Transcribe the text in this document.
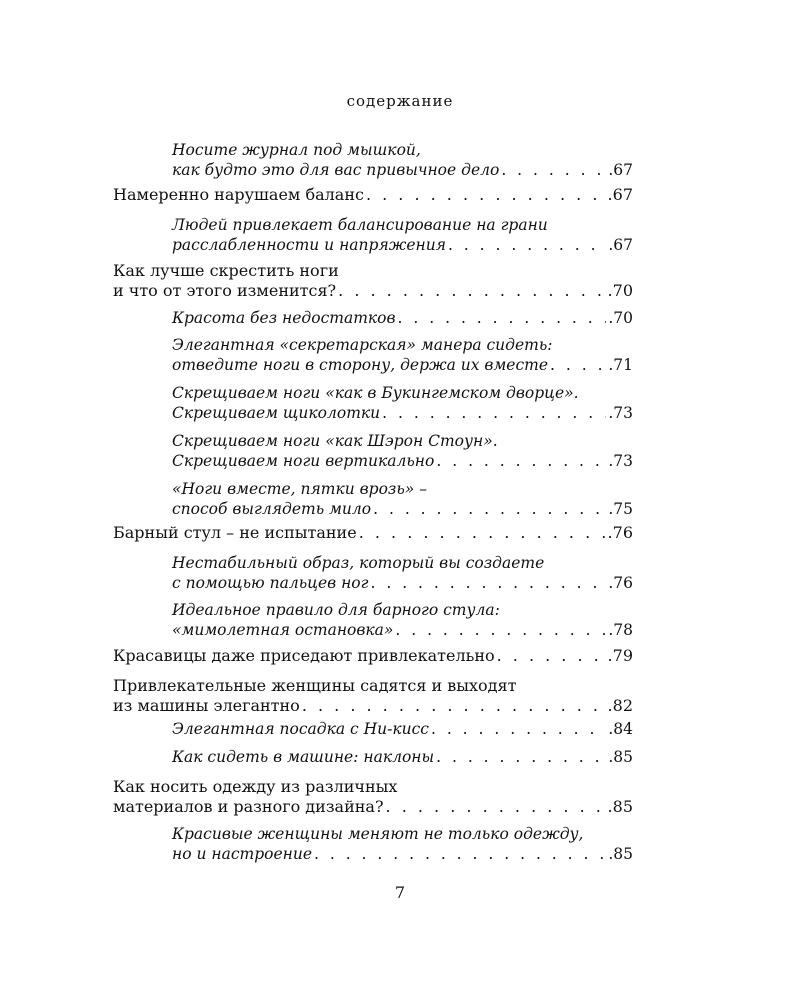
содержание
Носите журнал под мышкой,
как будто это для вас привычное дело . . .	.67
Намеренно нарушаем баланс . . .	.67
Людей привлекает балансирование на грани
расслабленности и напряжения . . .	.67
Как лучше скрестить ноги
и что от этого изменится? . . .	.70
Красота без недостатков . . .	.70
Элегантная «секретарская» манера сидеть:
отведите ноги в сторону, держа их вместе . . .	.71
Скрещиваем ноги «как в Букингемском дворце».
Скрещиваем щиколотки . . .	.73
Скрещиваем ноги «как Шэрон Стоун».
Скрещиваем ноги вертикально . . .	.73
«Ноги вместе, пятки врозь» –
способ выглядеть мило . . .	.75
Барный стул – не испытание . . .	.76
Нестабильный образ, который вы создаете
с помощью пальцев ног . . .	.76
Идеальное правило для барного стула:
«мимолетная остановка» . . .	.78
Красавицы даже приседают привлекательно . . .	.79
Привлекательные женщины садятся и выходят
из машины элегантно . . .	.82
Элегантная посадка с Ни-кисс . . .	.84
Как сидеть в машине: наклоны . . .	.85
Как носить одежду из различных
материалов и разного дизайна? . . .	.85
Красивые женщины меняют не только одежду,
но и настроение . . .	.85
7
